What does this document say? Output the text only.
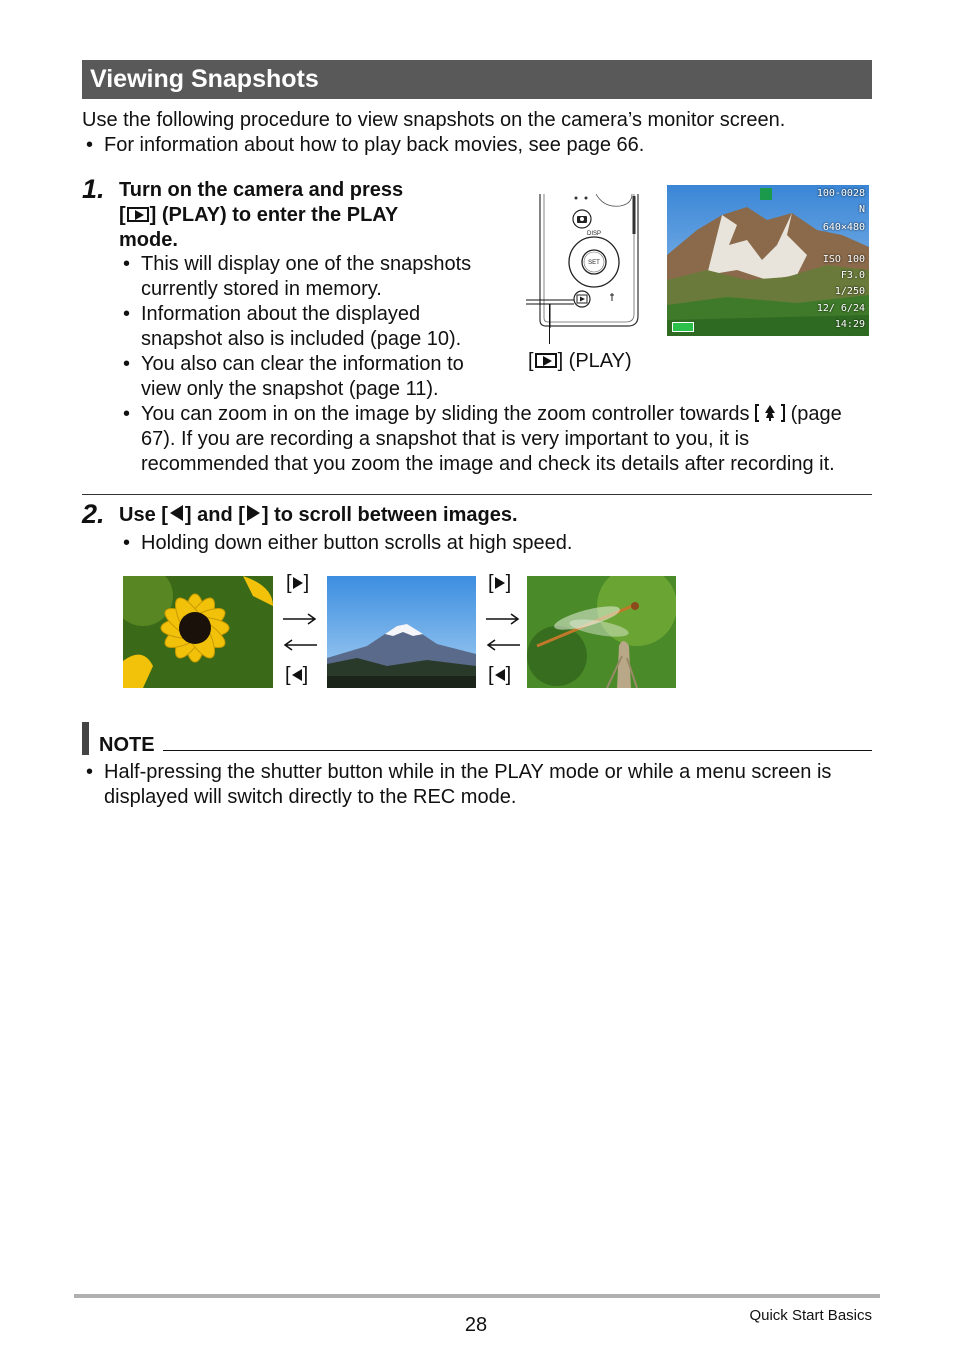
Viewing Snapshots
Use the following procedure to view snapshots on the camera’s monitor screen.
• For information about how to play back movies, see page 66.
1. Turn on the camera and press
[ ] (PLAY) to enter the PLAY
mode.
• This will display one of the snapshots currently stored in memory.
• Information about the displayed snapshot also is included (page 10).
• You also can clear the information to view only the snapshot (page 11).
• You can zoom in on the image by sliding the zoom controller towards (page 67). If you are recording a snapshot that is very important to you, it is recommended that you zoom the image and check its details after recording it.
DISP
SET
[ ] (PLAY)
100-0028
N
640×480
ISO 100
F3.0
1/250
12/ 6/24
14:29
2. Use [ ] and [ ] to scroll between images.
• Holding down either button scrolls at high speed.
[ ]
[ ]
[ ]
[ ]
NOTE
• Half-pressing the shutter button while in the PLAY mode or while a menu screen is displayed will switch directly to the REC mode.
28	Quick Start Basics
